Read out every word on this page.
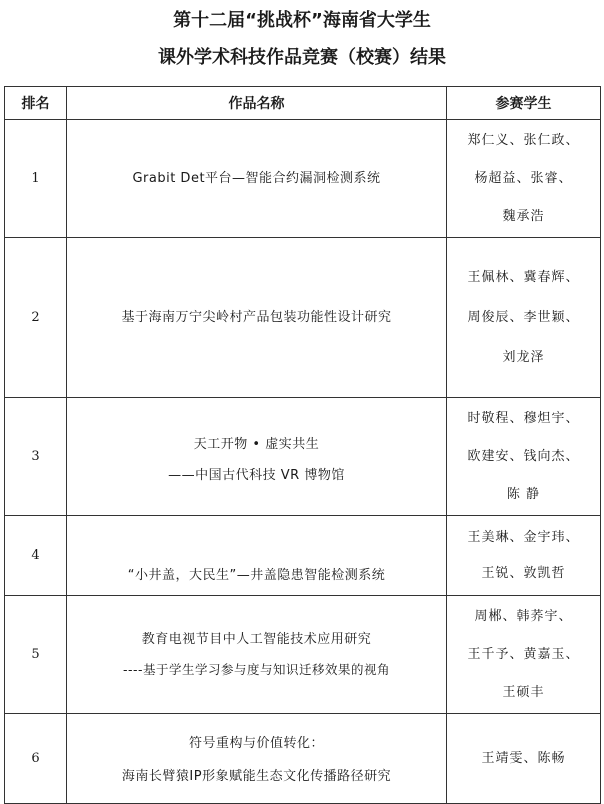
第十二届“挑战杯”海南省大学生
课外学术科技作品竞赛（校赛）结果
排名	作品名称	参赛学生
1	Grabit Det平台—智能合约漏洞检测系统	郑仁义、张仁政、
杨超益、张睿、
魏承浩

2	基于海南万宁尖岭村产品包装功能性设计研究	王佩林、冀春辉、
周俊辰、李世颖、
刘龙泽

3	天工开物 • 虚实共生
——中国古代科技 VR 博物馆	时敬程、穆炟宇、
欧建安、钱向杰、
陈 静

4	“小井盖，大民生”—井盖隐患智能检测系统	王美琳、金宇玮、
王锐、敦凯哲

5	教育电视节目中人工智能技术应用研究
----基于学生学习参与度与知识迁移效果的视角	周郴、韩荞宇、
王千予、黄嘉玉、
王硕丰

6	符号重构与价值转化：
海南长臂猿IP形象赋能生态文化传播路径研究	王靖雯、陈畅
